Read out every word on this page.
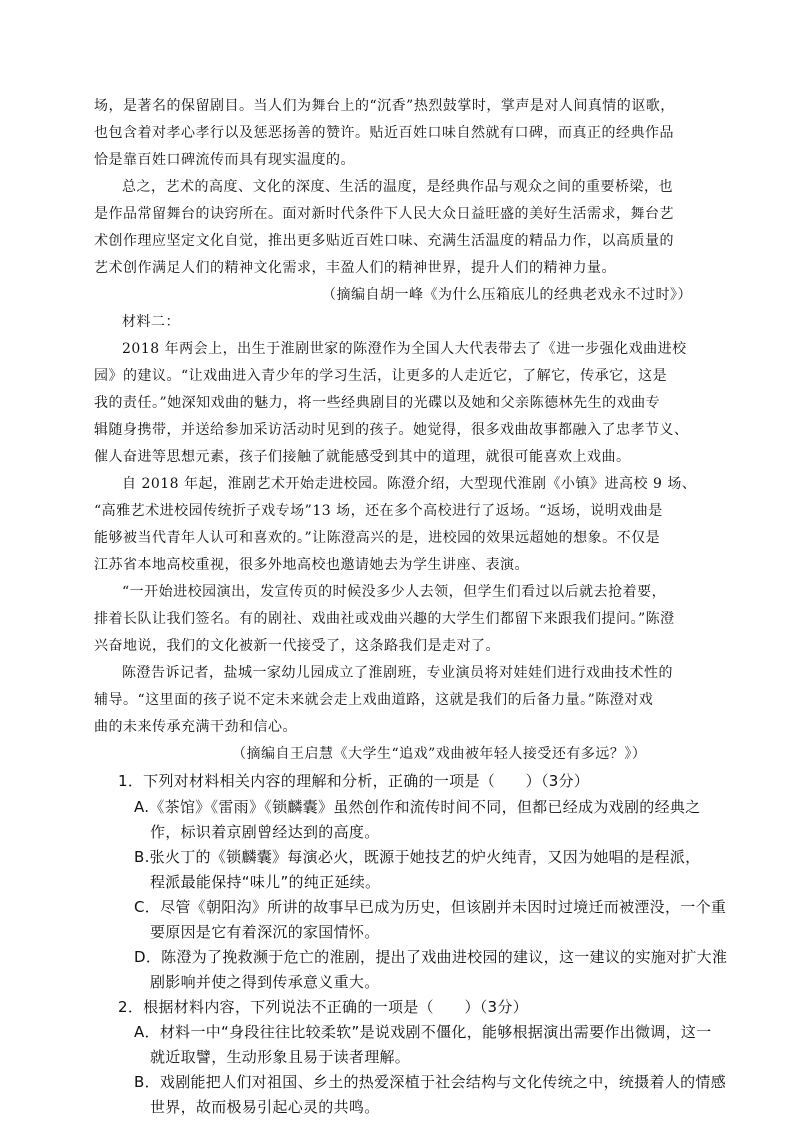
场，是著名的保留剧目。当人们为舞台上的“沉香”热烈鼓掌时，掌声是对人间真情的讴歌，
也包含着对孝心孝行以及惩恶扬善的赞许。贴近百姓口味自然就有口碑，而真正的经典作品
恰是靠百姓口碑流传而具有现实温度的。
总之，艺术的高度、文化的深度、生活的温度，是经典作品与观众之间的重要桥梁，也
是作品常留舞台的诀窍所在。面对新时代条件下人民大众日益旺盛的美好生活需求，舞台艺
术创作理应坚定文化自觉，推出更多贴近百姓口味、充满生活温度的精品力作，以高质量的
艺术创作满足人们的精神文化需求，丰盈人们的精神世界，提升人们的精神力量。
（摘编自胡一峰《为什么压箱底儿的经典老戏永不过时》）
材料二：
2018 年两会上，出生于淮剧世家的陈澄作为全国人大代表带去了《进一步强化戏曲进校
园》的建议。“让戏曲进入青少年的学习生活，让更多的人走近它，了解它，传承它，这是
我的责任。”她深知戏曲的魅力，将一些经典剧目的光碟以及她和父亲陈德林先生的戏曲专
辑随身携带，并送给参加采访活动时见到的孩子。她觉得，很多戏曲故事都融入了忠孝节义、
催人奋进等思想元素，孩子们接触了就能感受到其中的道理，就很可能喜欢上戏曲。
自 2018 年起，淮剧艺术开始走进校园。陈澄介绍，大型现代淮剧《小镇》进高校 9 场、
“高雅艺术进校园传统折子戏专场”13 场，还在多个高校进行了返场。“返场，说明戏曲是
能够被当代青年人认可和喜欢的。”让陈澄高兴的是，进校园的效果远超她的想象。不仅是
江苏省本地高校重视，很多外地高校也邀请她去为学生讲座、表演。
“一开始进校园演出，发宣传页的时候没多少人去领，但学生们看过以后就去抢着要，
排着长队让我们签名。有的剧社、戏曲社或戏曲兴趣的大学生们都留下来跟我们提问。”陈澄
兴奋地说，我们的文化被新一代接受了，这条路我们是走对了。
陈澄告诉记者，盐城一家幼儿园成立了淮剧班，专业演员将对娃娃们进行戏曲技术性的
辅导。“这里面的孩子说不定未来就会走上戏曲道路，这就是我们的后备力量。”陈澄对戏
曲的未来传承充满干劲和信心。
（摘编自王启慧《大学生“追戏”戏曲被年轻人接受还有多远？》）
1．下列对材料相关内容的理解和分析，正确的一项是（　　）（3分）
A.《茶馆》《雷雨》《锁麟囊》虽然创作和流传时间不同，但都已经成为戏剧的经典之
作，标识着京剧曾经达到的高度。
B.张火丁的《锁麟囊》每演必火，既源于她技艺的炉火纯青，又因为她唱的是程派，
程派最能保持“味儿”的纯正延续。
C．尽管《朝阳沟》所讲的故事早已成为历史，但该剧并未因时过境迁而被湮没，一个重
要原因是它有着深沉的家国情怀。
D．陈澄为了挽救濒于危亡的淮剧，提出了戏曲进校园的建议，这一建议的实施对扩大淮
剧影响并使之得到传承意义重大。
2．根据材料内容，下列说法不正确的一项是（　　）（3分）
A．材料一中“身段往往比较柔软”是说戏剧不僵化，能够根据演出需要作出微调，这一
就近取譬，生动形象且易于读者理解。
B．戏剧能把人们对祖国、乡土的热爱深植于社会结构与文化传统之中，统摄着人的情感
世界，故而极易引起心灵的共鸣。
